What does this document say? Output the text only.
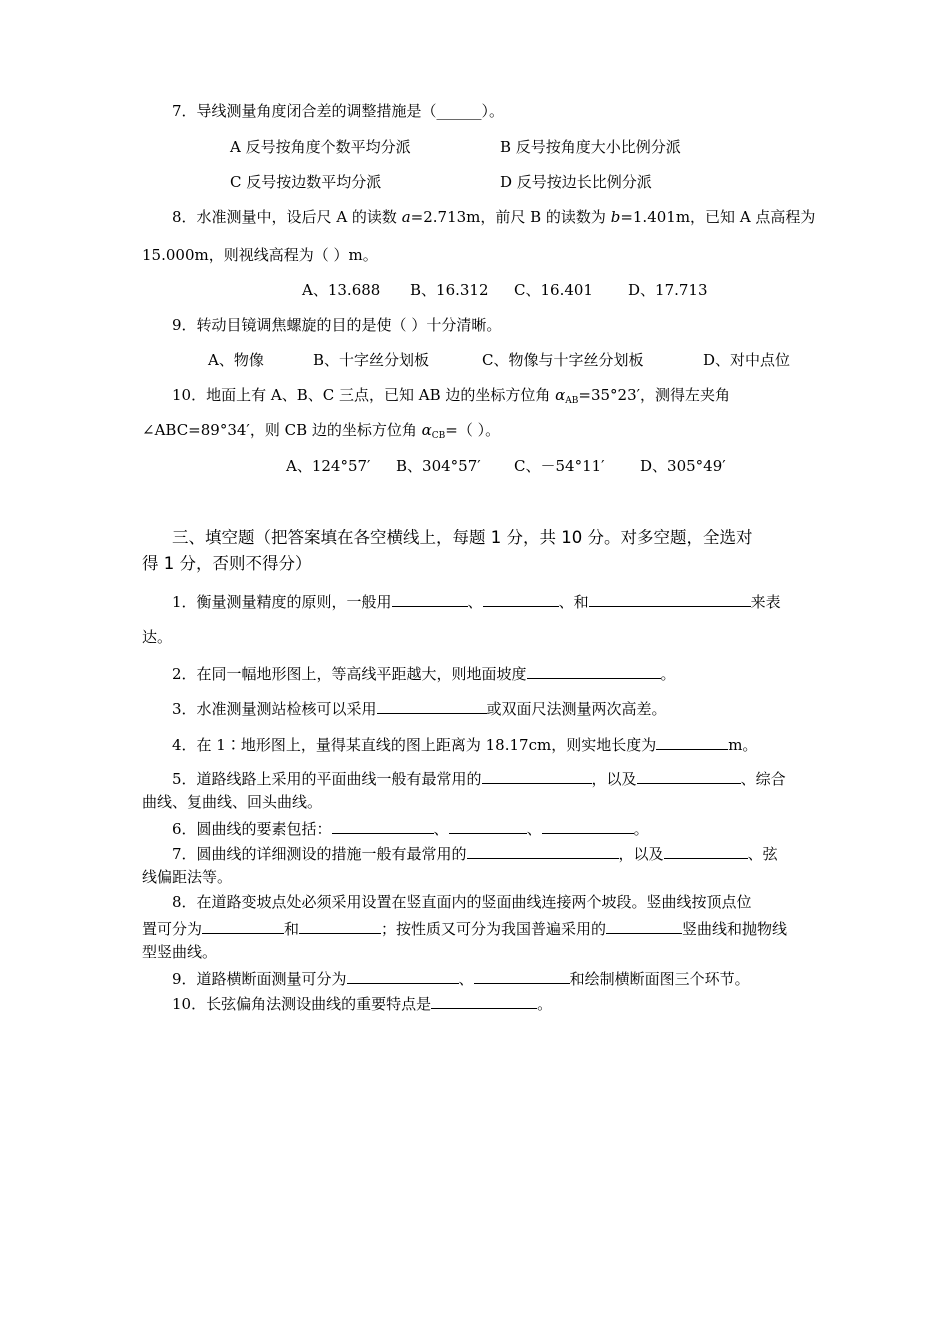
7．导线测量角度闭合差的调整措施是（______）。
A 反号按角度个数平均分派	B 反号按角度大小比例分派
C 反号按边数平均分派	D 反号按边长比例分派
8．水准测量中，设后尺 A 的读数 a=2.713m，前尺 B 的读数为 b=1.401m，已知 A 点高程为
15.000m，则视线高程为（ ）m。
A、13.688 B、16.312 C、16.401 D、17.713
9．转动目镜调焦螺旋的目的是使（ ）十分清晰。
A、物像	B、十字丝分划板	C、物像与十字丝分划板	D、对中点位
10．地面上有 A、B、C 三点，已知 AB 边的坐标方位角 $\alpha_{AB}=35^\circ 23'$，测得左夹角
∠ABC=89°34′，则 CB 边的坐标方位角 $\alpha_{CB}=$（ ）。
A、124°57′ B、304°57′ C、－54°11′ D、305°49′
三、填空题（把答案填在各空横线上，每题 1 分，共 10 分。对多空题，全选对
得 1 分，否则不得分）
1．衡量测量精度的原则，一般用	、	、和	来表
达。
2．在同一幅地形图上，等高线平距越大，则地面坡度	。
3．水准测量测站检核可以采用	或双面尺法测量两次高差。
4．在 1∶地形图上，量得某直线的图上距离为 18.17cm，则实地长度为	m。
5．道路线路上采用的平面曲线一般有最常用的	，以及	、综合
曲线、复曲线、回头曲线。
6．圆曲线的要素包括：	、	、	。
7．圆曲线的详细测设的措施一般有最常用的	，以及	、弦
线偏距法等。
8．在道路变坡点处必须采用设置在竖直面内的竖面曲线连接两个坡段。竖曲线按顶点位
置可分为	和	；按性质又可分为我国普遍采用的	竖曲线和抛物线
型竖曲线。
9．道路横断面测量可分为	、	和绘制横断面图三个环节。
10．长弦偏角法测设曲线的重要特点是	。
